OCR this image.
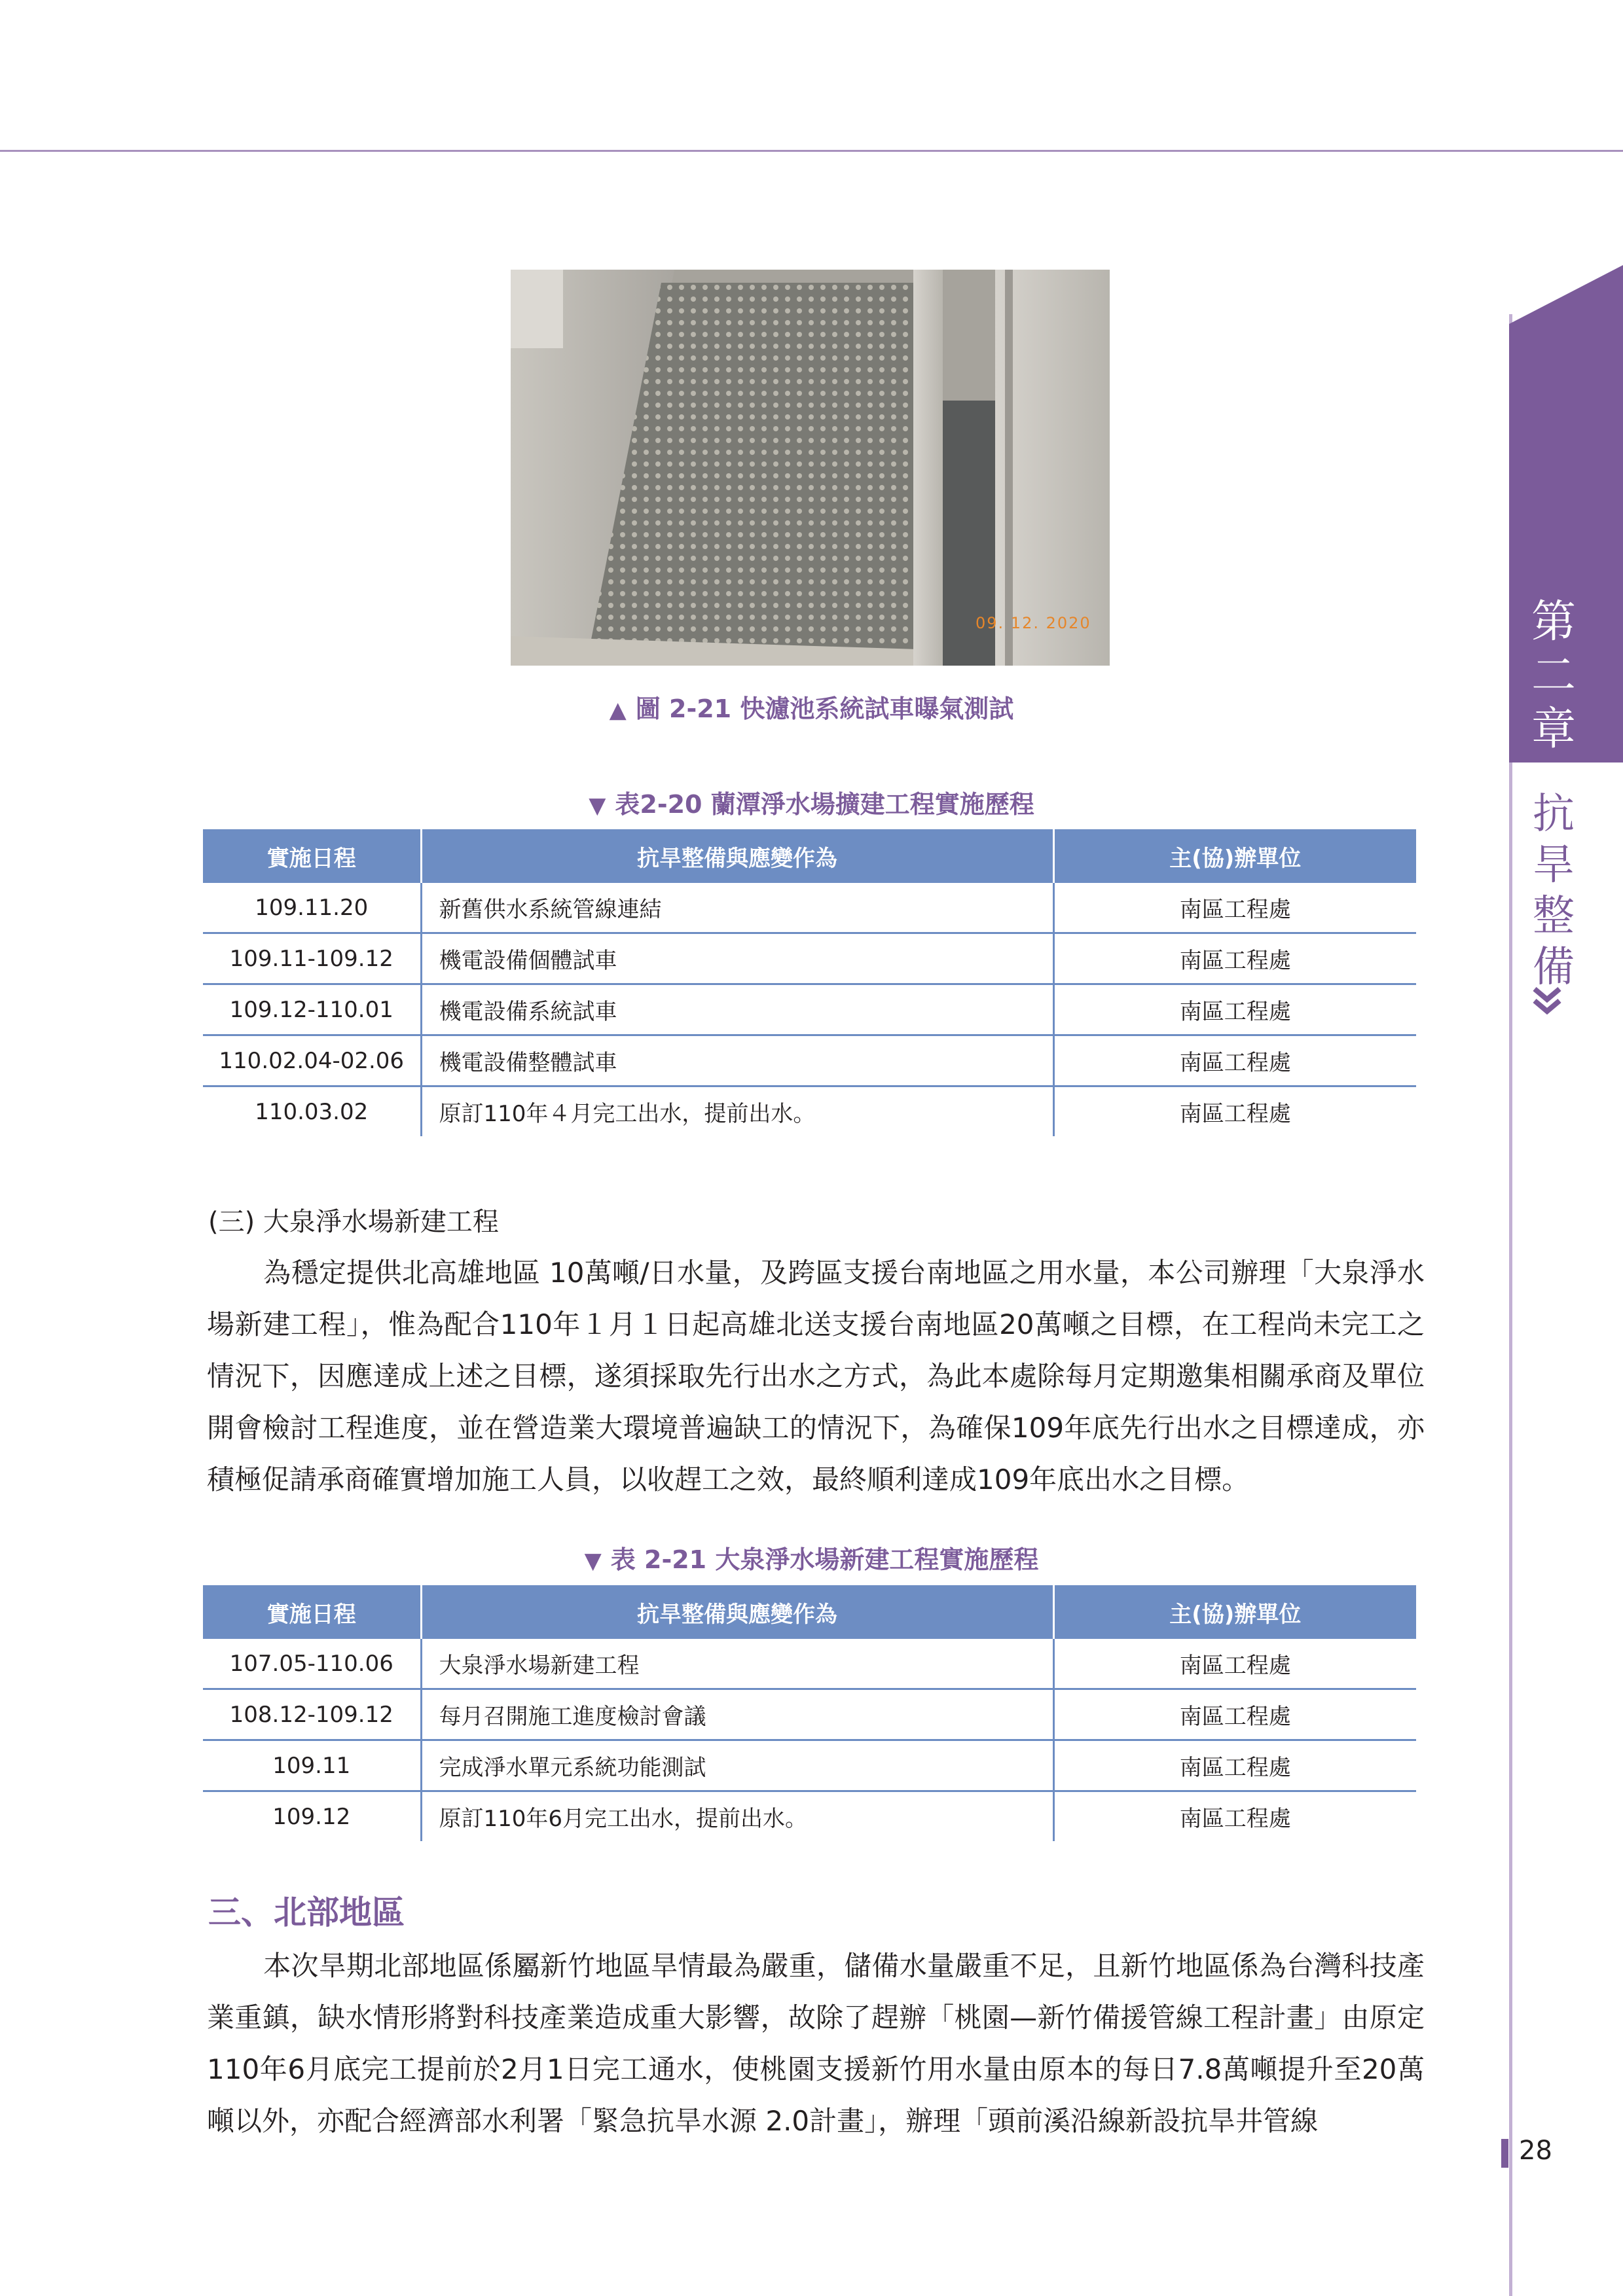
第二章
抗旱整備
09. 12. 2020
▲ 圖 2-21 快濾池系統試車曝氣測試
▼ 表2-20 蘭潭淨水場擴建工程實施歷程
實施日程	抗旱整備與應變作為	主(協)辦單位
109.11.20	新舊供水系統管線連結	南區工程處
109.11-109.12	機電設備個體試車	南區工程處
109.12-110.01	機電設備系統試車	南區工程處
110.02.04-02.06	機電設備整體試車	南區工程處
110.03.02	原訂110年４月完工出水，提前出水。	南區工程處
(三) 大泉淨水場新建工程

為穩定提供北高雄地區 10萬噸/日水量，及跨區支援台南地區之用水量，本公司辦理「大泉淨水場新建工程」，惟為配合110年１月１日起高雄北送支援台南地區20萬噸之目標，在工程尚未完工之情況下，因應達成上述之目標，遂須採取先行出水之方式，為此本處除每月定期邀集相關承商及單位開會檢討工程進度，並在營造業大環境普遍缺工的情況下，為確保109年底先行出水之目標達成，亦積極促請承商確實增加施工人員，以收趕工之效，最終順利達成109年底出水之目標。

▼ 表 2-21 大泉淨水場新建工程實施歷程
實施日程	抗旱整備與應變作為	主(協)辦單位
107.05-110.06	大泉淨水場新建工程	南區工程處
108.12-109.12	每月召開施工進度檢討會議	南區工程處
109.11	完成淨水單元系統功能測試	南區工程處
109.12	原訂110年6月完工出水，提前出水。	南區工程處
三、北部地區

本次旱期北部地區係屬新竹地區旱情最為嚴重，儲備水量嚴重不足，且新竹地區係為台灣科技產業重鎮，缺水情形將對科技產業造成重大影響，故除了趕辦「桃園—新竹備援管線工程計畫」由原定110年6月底完工提前於2月1日完工通水，使桃園支援新竹用水量由原本的每日7.8萬噸提升至20萬噸以外，亦配合經濟部水利署「緊急抗旱水源 2.0計畫」，辦理「頭前溪沿線新設抗旱井管線

28
